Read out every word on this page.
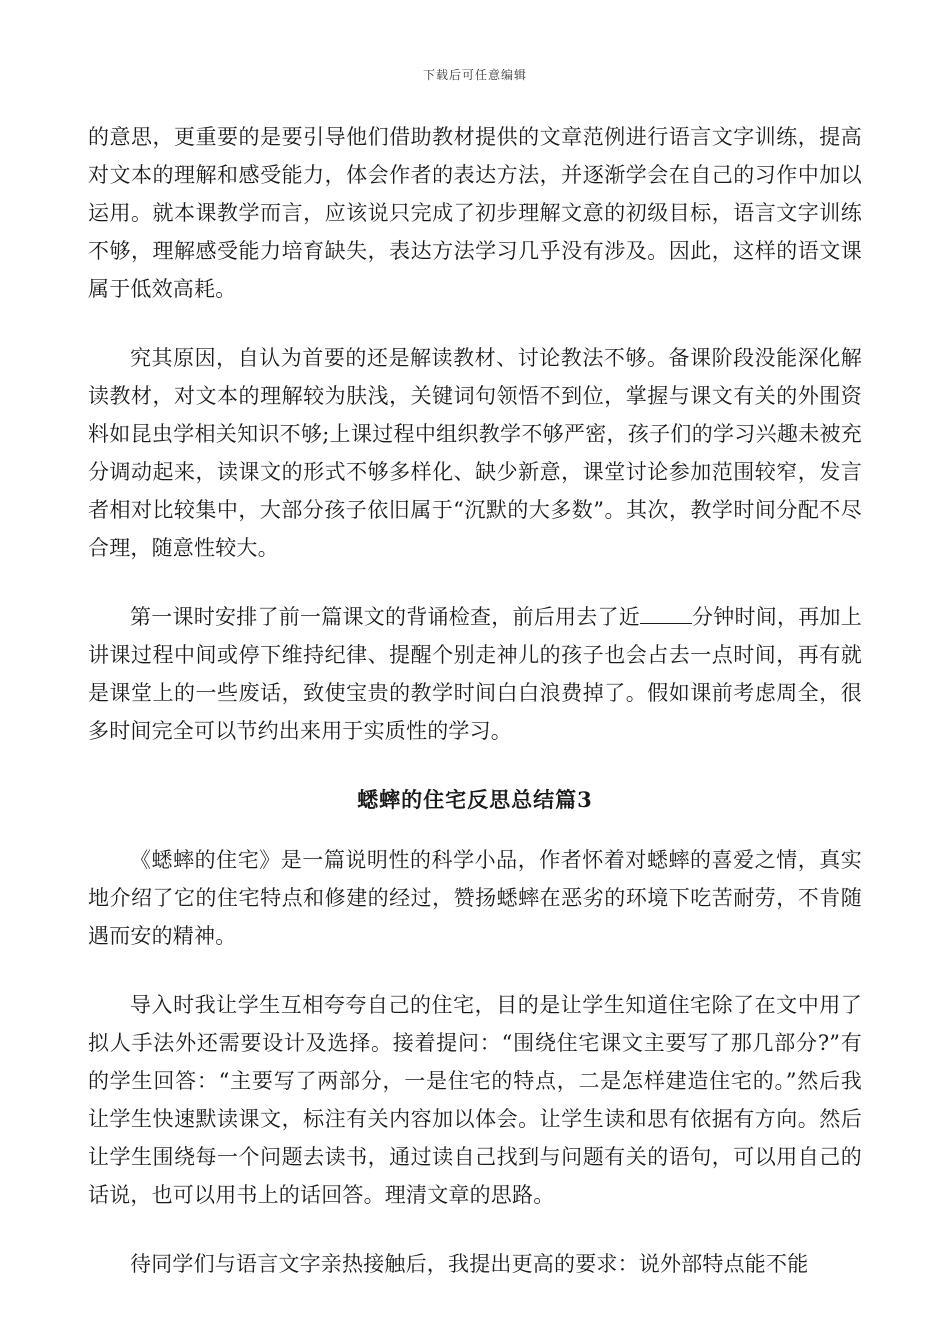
下载后可任意编辑

的意思，更重要的是要引导他们借助教材提供的文章范例进行语言文字训练，提高对文本的理解和感受能力，体会作者的表达方法，并逐渐学会在自己的习作中加以运用。就本课教学而言，应该说只完成了初步理解文意的初级目标，语言文字训练不够，理解感受能力培育缺失，表达方法学习几乎没有涉及。因此，这样的语文课属于低效高耗。

究其原因，自认为首要的还是解读教材、讨论教法不够。备课阶段没能深化解读教材，对文本的理解较为肤浅，关键词句领悟不到位，掌握与课文有关的外围资料如昆虫学相关知识不够;上课过程中组织教学不够严密，孩子们的学习兴趣未被充分调动起来，读课文的形式不够多样化、缺少新意，课堂讨论参加范围较窄，发言者相对比较集中，大部分孩子依旧属于“沉默的大多数”。其次，教学时间分配不尽合理，随意性较大。

第一课时安排了前一篇课文的背诵检查，前后用去了近 分钟时间，再加上讲课过程中间或停下维持纪律、提醒个别走神儿的孩子也会占去一点时间，再有就是课堂上的一些废话，致使宝贵的教学时间白白浪费掉了。假如课前考虑周全，很多时间完全可以节约出来用于实质性的学习。

蟋蟀的住宅反思总结篇3

《蟋蟀的住宅》是一篇说明性的科学小品，作者怀着对蟋蟀的喜爱之情，真实地介绍了它的住宅特点和修建的经过，赞扬蟋蟀在恶劣的环境下吃苦耐劳，不肯随遇而安的精神。

导入时我让学生互相夸夸自己的住宅，目的是让学生知道住宅除了在文中用了拟人手法外还需要设计及选择。接着提问：“围绕住宅课文主要写了那几部分?”有的学生回答：“主要写了两部分，一是住宅的特点，二是怎样建造住宅的。”然后我让学生快速默读课文，标注有关内容加以体会。让学生读和思有依据有方向。然后让学生围绕每一个问题去读书，通过读自己找到与问题有关的语句，可以用自己的话说，也可以用书上的话回答。理清文章的思路。

待同学们与语言文字亲热接触后，我提出更高的要求：说外部特点能不能
